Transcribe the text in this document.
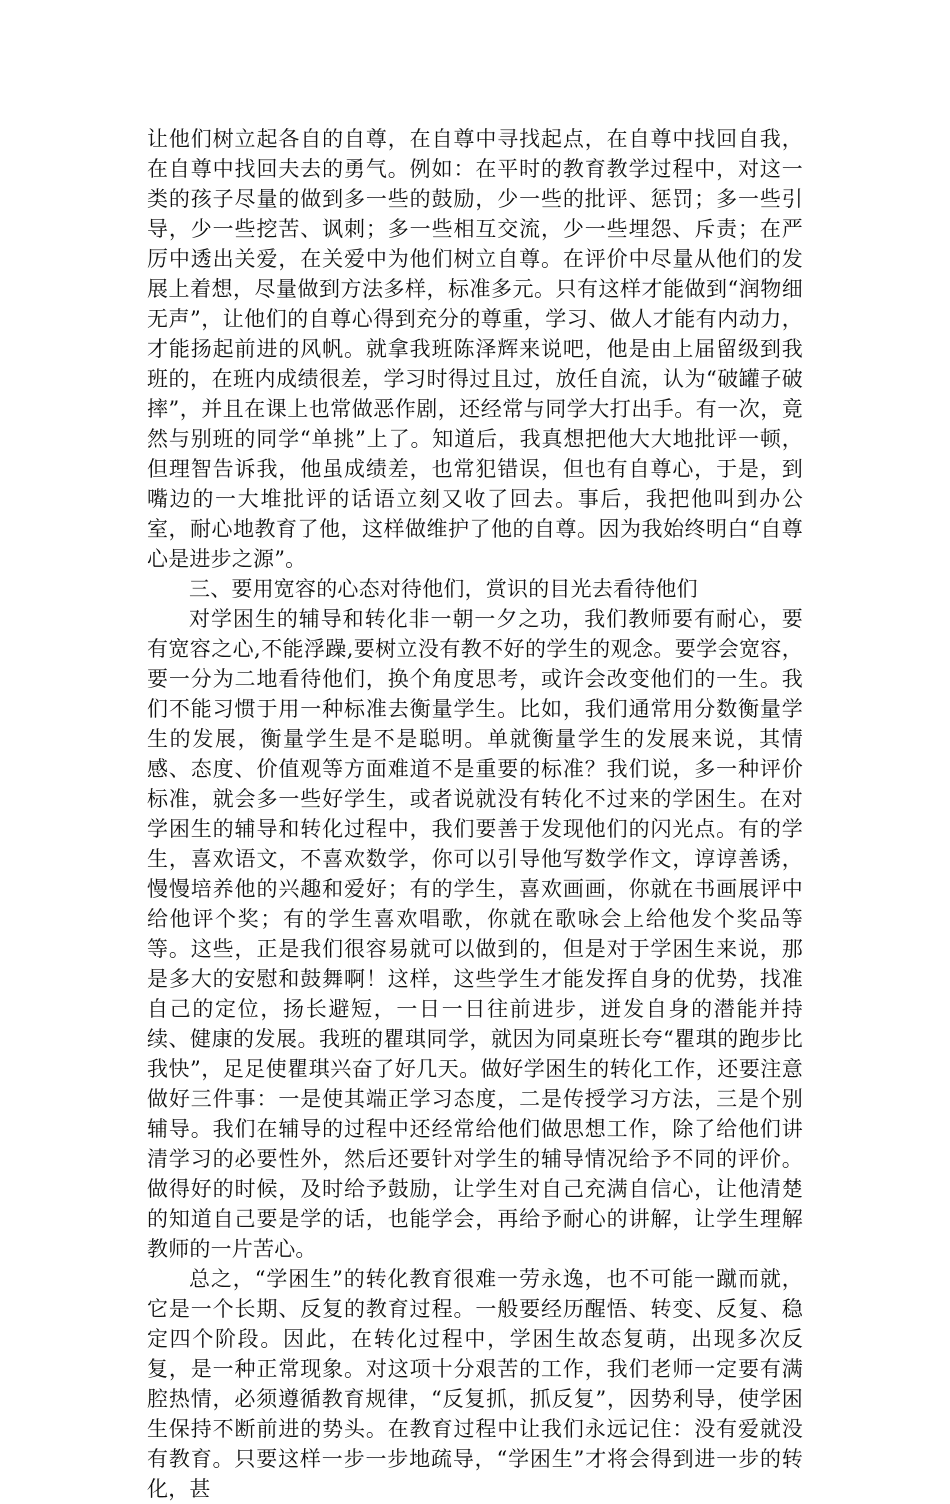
让他们树立起各自的自尊，在自尊中寻找起点，在自尊中找回自我，在自尊中找回夫去的勇气。例如：在平时的教育教学过程中，对这一类的孩子尽量的做到多一些的鼓励，少一些的批评、惩罚；多一些引导，少一些挖苦、讽刺；多一些相互交流，少一些埋怨、斥责；在严厉中透出关爱，在关爱中为他们树立自尊。在评价中尽量从他们的发展上着想，尽量做到方法多样，标准多元。只有这样才能做到“润物细无声”，让他们的自尊心得到充分的尊重，学习、做人才能有内动力，才能扬起前进的风帆。就拿我班陈泽辉来说吧，他是由上届留级到我班的，在班内成绩很差，学习时得过且过，放任自流，认为“破罐子破摔”，并且在课上也常做恶作剧，还经常与同学大打出手。有一次，竟然与别班的同学“单挑”上了。知道后，我真想把他大大地批评一顿，但理智告诉我，他虽成绩差，也常犯错误，但也有自尊心，于是，到嘴边的一大堆批评的话语立刻又收了回去。事后，我把他叫到办公室，耐心地教育了他，这样做维护了他的自尊。因为我始终明白“自尊心是进步之源”。

三、要用宽容的心态对待他们，赏识的目光去看待他们

对学困生的辅导和转化非一朝一夕之功，我们教师要有耐心，要有宽容之心,不能浮躁,要树立没有教不好的学生的观念。要学会宽容，要一分为二地看待他们，换个角度思考，或许会改变他们的一生。我们不能习惯于用一种标准去衡量学生。比如，我们通常用分数衡量学生的发展，衡量学生是不是聪明。单就衡量学生的发展来说，其情感、态度、价值观等方面难道不是重要的标准？我们说，多一种评价标准，就会多一些好学生，或者说就没有转化不过来的学困生。在对学困生的辅导和转化过程中，我们要善于发现他们的闪光点。有的学生，喜欢语文，不喜欢数学，你可以引导他写数学作文，谆谆善诱，慢慢培养他的兴趣和爱好；有的学生，喜欢画画，你就在书画展评中给他评个奖；有的学生喜欢唱歌，你就在歌咏会上给他发个奖品等等。这些，正是我们很容易就可以做到的，但是对于学困生来说，那是多大的安慰和鼓舞啊！这样，这些学生才能发挥自身的优势，找准自己的定位，扬长避短，一日一日往前进步，迸发自身的潜能并持续、健康的发展。我班的瞿琪同学，就因为同桌班长夸“瞿琪的跑步比我快”，足足使瞿琪兴奋了好几天。做好学困生的转化工作，还要注意做好三件事：一是使其端正学习态度，二是传授学习方法，三是个别辅导。我们在辅导的过程中还经常给他们做思想工作，除了给他们讲清学习的必要性外，然后还要针对学生的辅导情况给予不同的评价。做得好的时候，及时给予鼓励，让学生对自己充满自信心，让他清楚的知道自己要是学的话，也能学会，再给予耐心的讲解，让学生理解教师的一片苦心。

总之，“学困生”的转化教育很难一劳永逸，也不可能一蹴而就，它是一个长期、反复的教育过程。一般要经历醒悟、转变、反复、稳定四个阶段。因此，在转化过程中，学困生故态复萌，出现多次反复，是一种正常现象。对这项十分艰苦的工作，我们老师一定要有满腔热情，必须遵循教育规律，“反复抓，抓反复”，因势利导，使学困生保持不断前进的势头。在教育过程中让我们永远记住：没有爱就没有教育。只要这样一步一步地疏导，“学困生”才将会得到进一步的转化，甚
